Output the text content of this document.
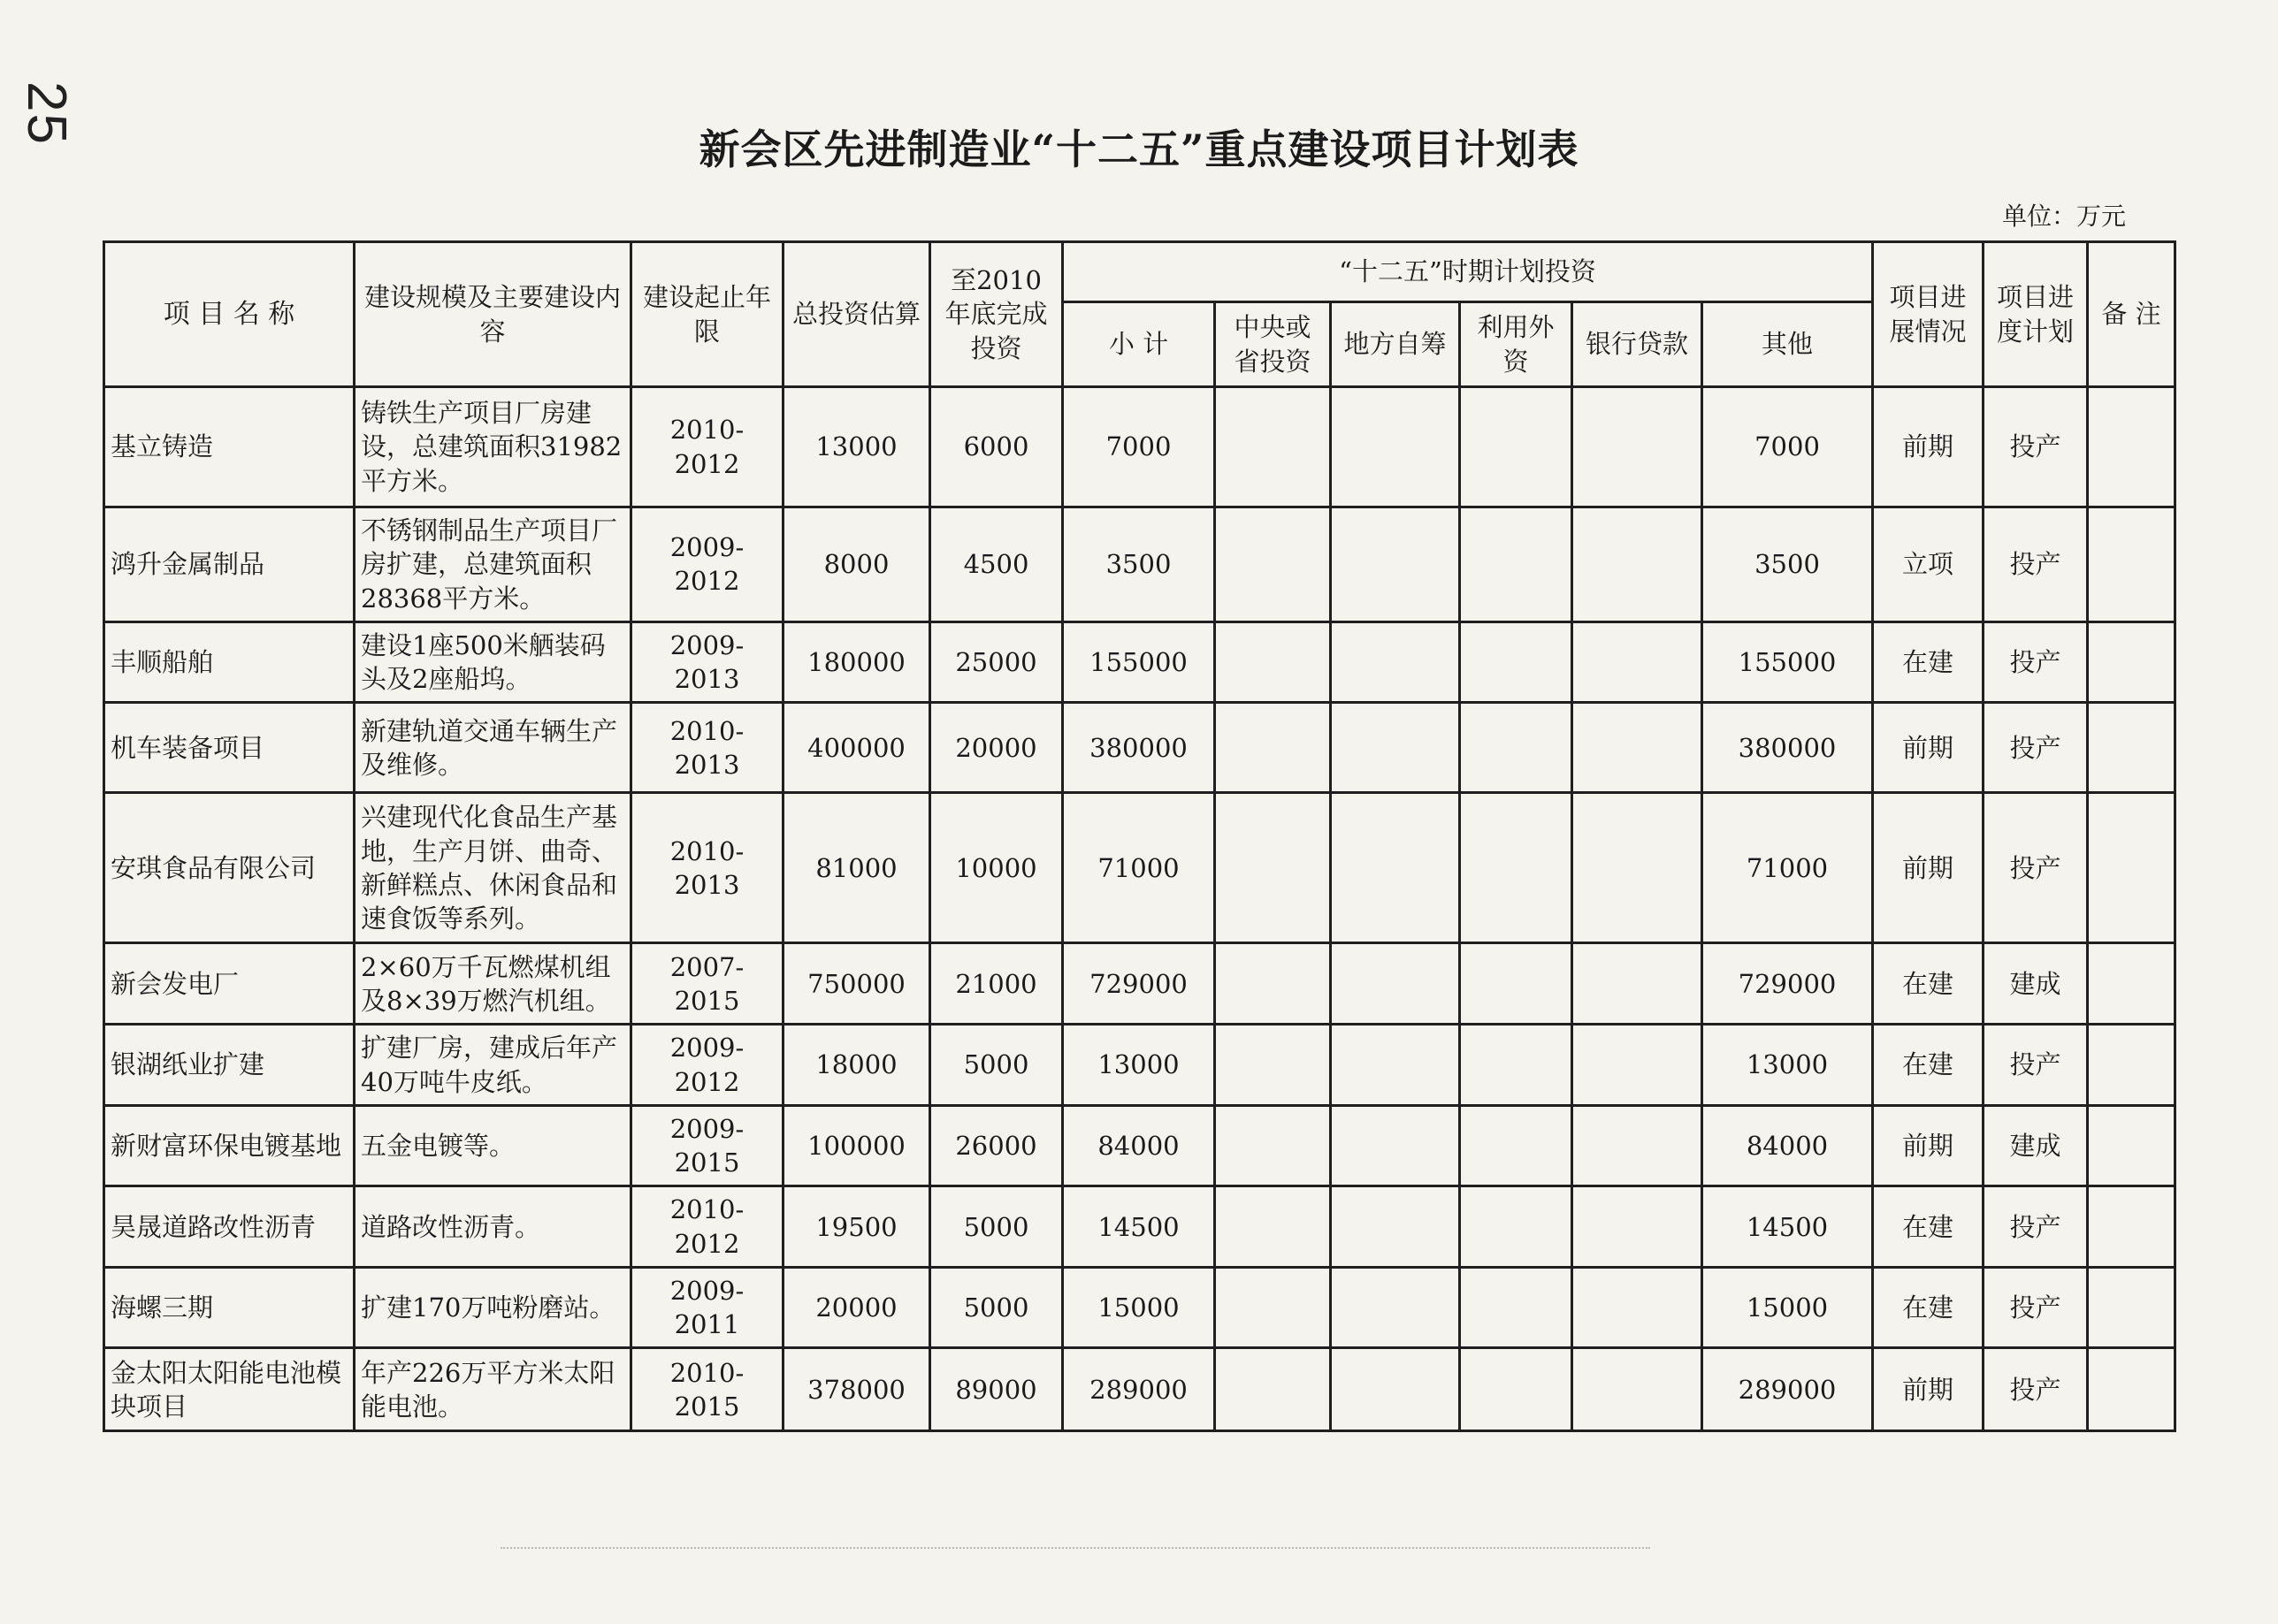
25
新会区先进制造业“十二五”重点建设项目计划表
单位：万元
项 目 名 称	建设规模及主要建设内容	建设起止年限	总投资估算	至2010年底完成投资	“十二五”时期计划投资						项目进展情况	项目进度计划	备 注
					小 计	中央或省投资	地方自筹	利用外资	银行贷款	其他			
基立铸造	铸铁生产项目厂房建设，总建筑面积31982平方米。	2010-2012	13000	6000	7000					7000	前期	投产	
鸿升金属制品	不锈钢制品生产项目厂房扩建，总建筑面积28368平方米。	2009-2012	8000	4500	3500					3500	立项	投产	
丰顺船舶	建设1座500米舾装码头及2座船坞。	2009-2013	180000	25000	155000					155000	在建	投产	
机车装备项目	新建轨道交通车辆生产及维修。	2010-2013	400000	20000	380000					380000	前期	投产	
安琪食品有限公司	兴建现代化食品生产基地，生产月饼、曲奇、新鲜糕点、休闲食品和速食饭等系列。	2010-2013	81000	10000	71000					71000	前期	投产	
新会发电厂	2×60万千瓦燃煤机组及8×39万燃汽机组。	2007-2015	750000	21000	729000					729000	在建	建成	
银湖纸业扩建	扩建厂房，建成后年产40万吨牛皮纸。	2009-2012	18000	5000	13000					13000	在建	投产	
新财富环保电镀基地	五金电镀等。	2009-2015	100000	26000	84000					84000	前期	建成	
昊晟道路改性沥青	道路改性沥青。	2010-2012	19500	5000	14500					14500	在建	投产	
海螺三期	扩建170万吨粉磨站。	2009-2011	20000	5000	15000					15000	在建	投产	
金太阳太阳能电池模块项目	年产226万平方米太阳能电池。	2010-2015	378000	89000	289000					289000	前期	投产	
